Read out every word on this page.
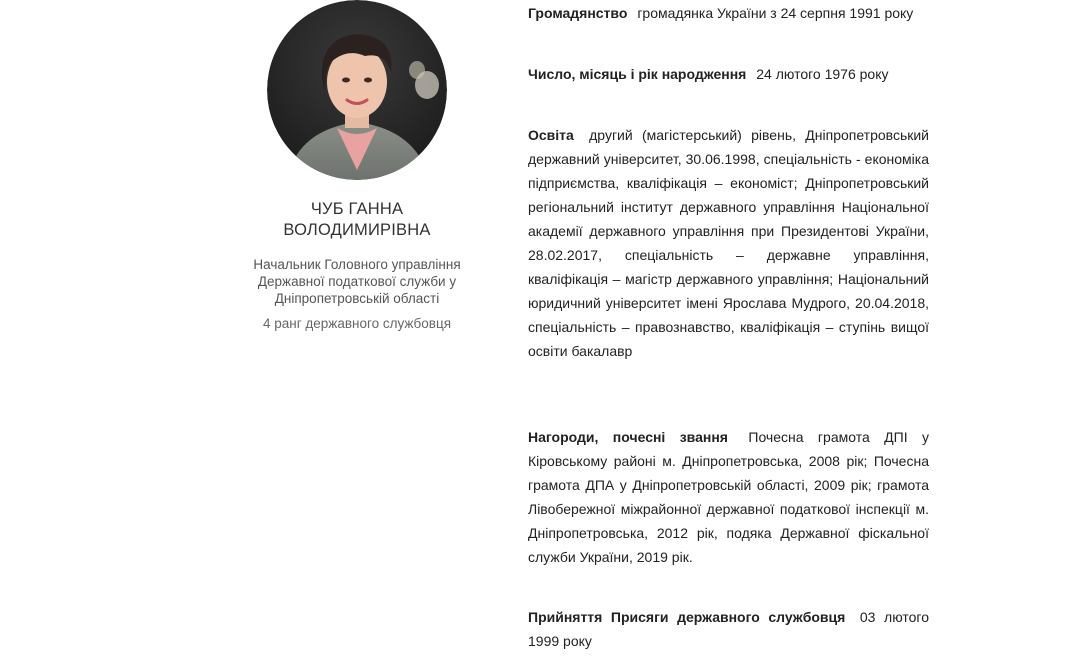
ЧУБ ГАННА
ВОЛОДИМИРІВНА
Начальник Головного управління Державної податкової служби у Дніпропетровській області
4 ранг державного службовця

Громадянство громадянка України з 24 серпня 1991 року

Число, місяць і рік народження 24 лютого 1976 року

Освіта другий (магістерський) рівень, Дніпропетровський державний університет, 30.06.1998, спеціальність - економіка підприємства, кваліфікація – економіст; Дніпропетровський регіональний інститут державного управління Національної академії державного управління при Президентові України, 28.02.2017, спеціальність – державне управління, кваліфікація – магістр державного управління; Національний юридичний університет імені Ярослава Мудрого, 20.04.2018, спеціальність – правознавство, кваліфікація – ступінь вищої освіти бакалавр

Нагороди, почесні звання Почесна грамота ДПІ у Кіровському районі м. Дніпропетровська, 2008 рік; Почесна грамота ДПА у Дніпропетровській області, 2009 рік; грамота Лівобережної міжрайонної державної податкової інспекції м. Дніпропетровська, 2012 рік, подяка Державної фіскальної служби України, 2019 рік.

Прийняття Присяги державного службовця 03 лютого 1999 року
